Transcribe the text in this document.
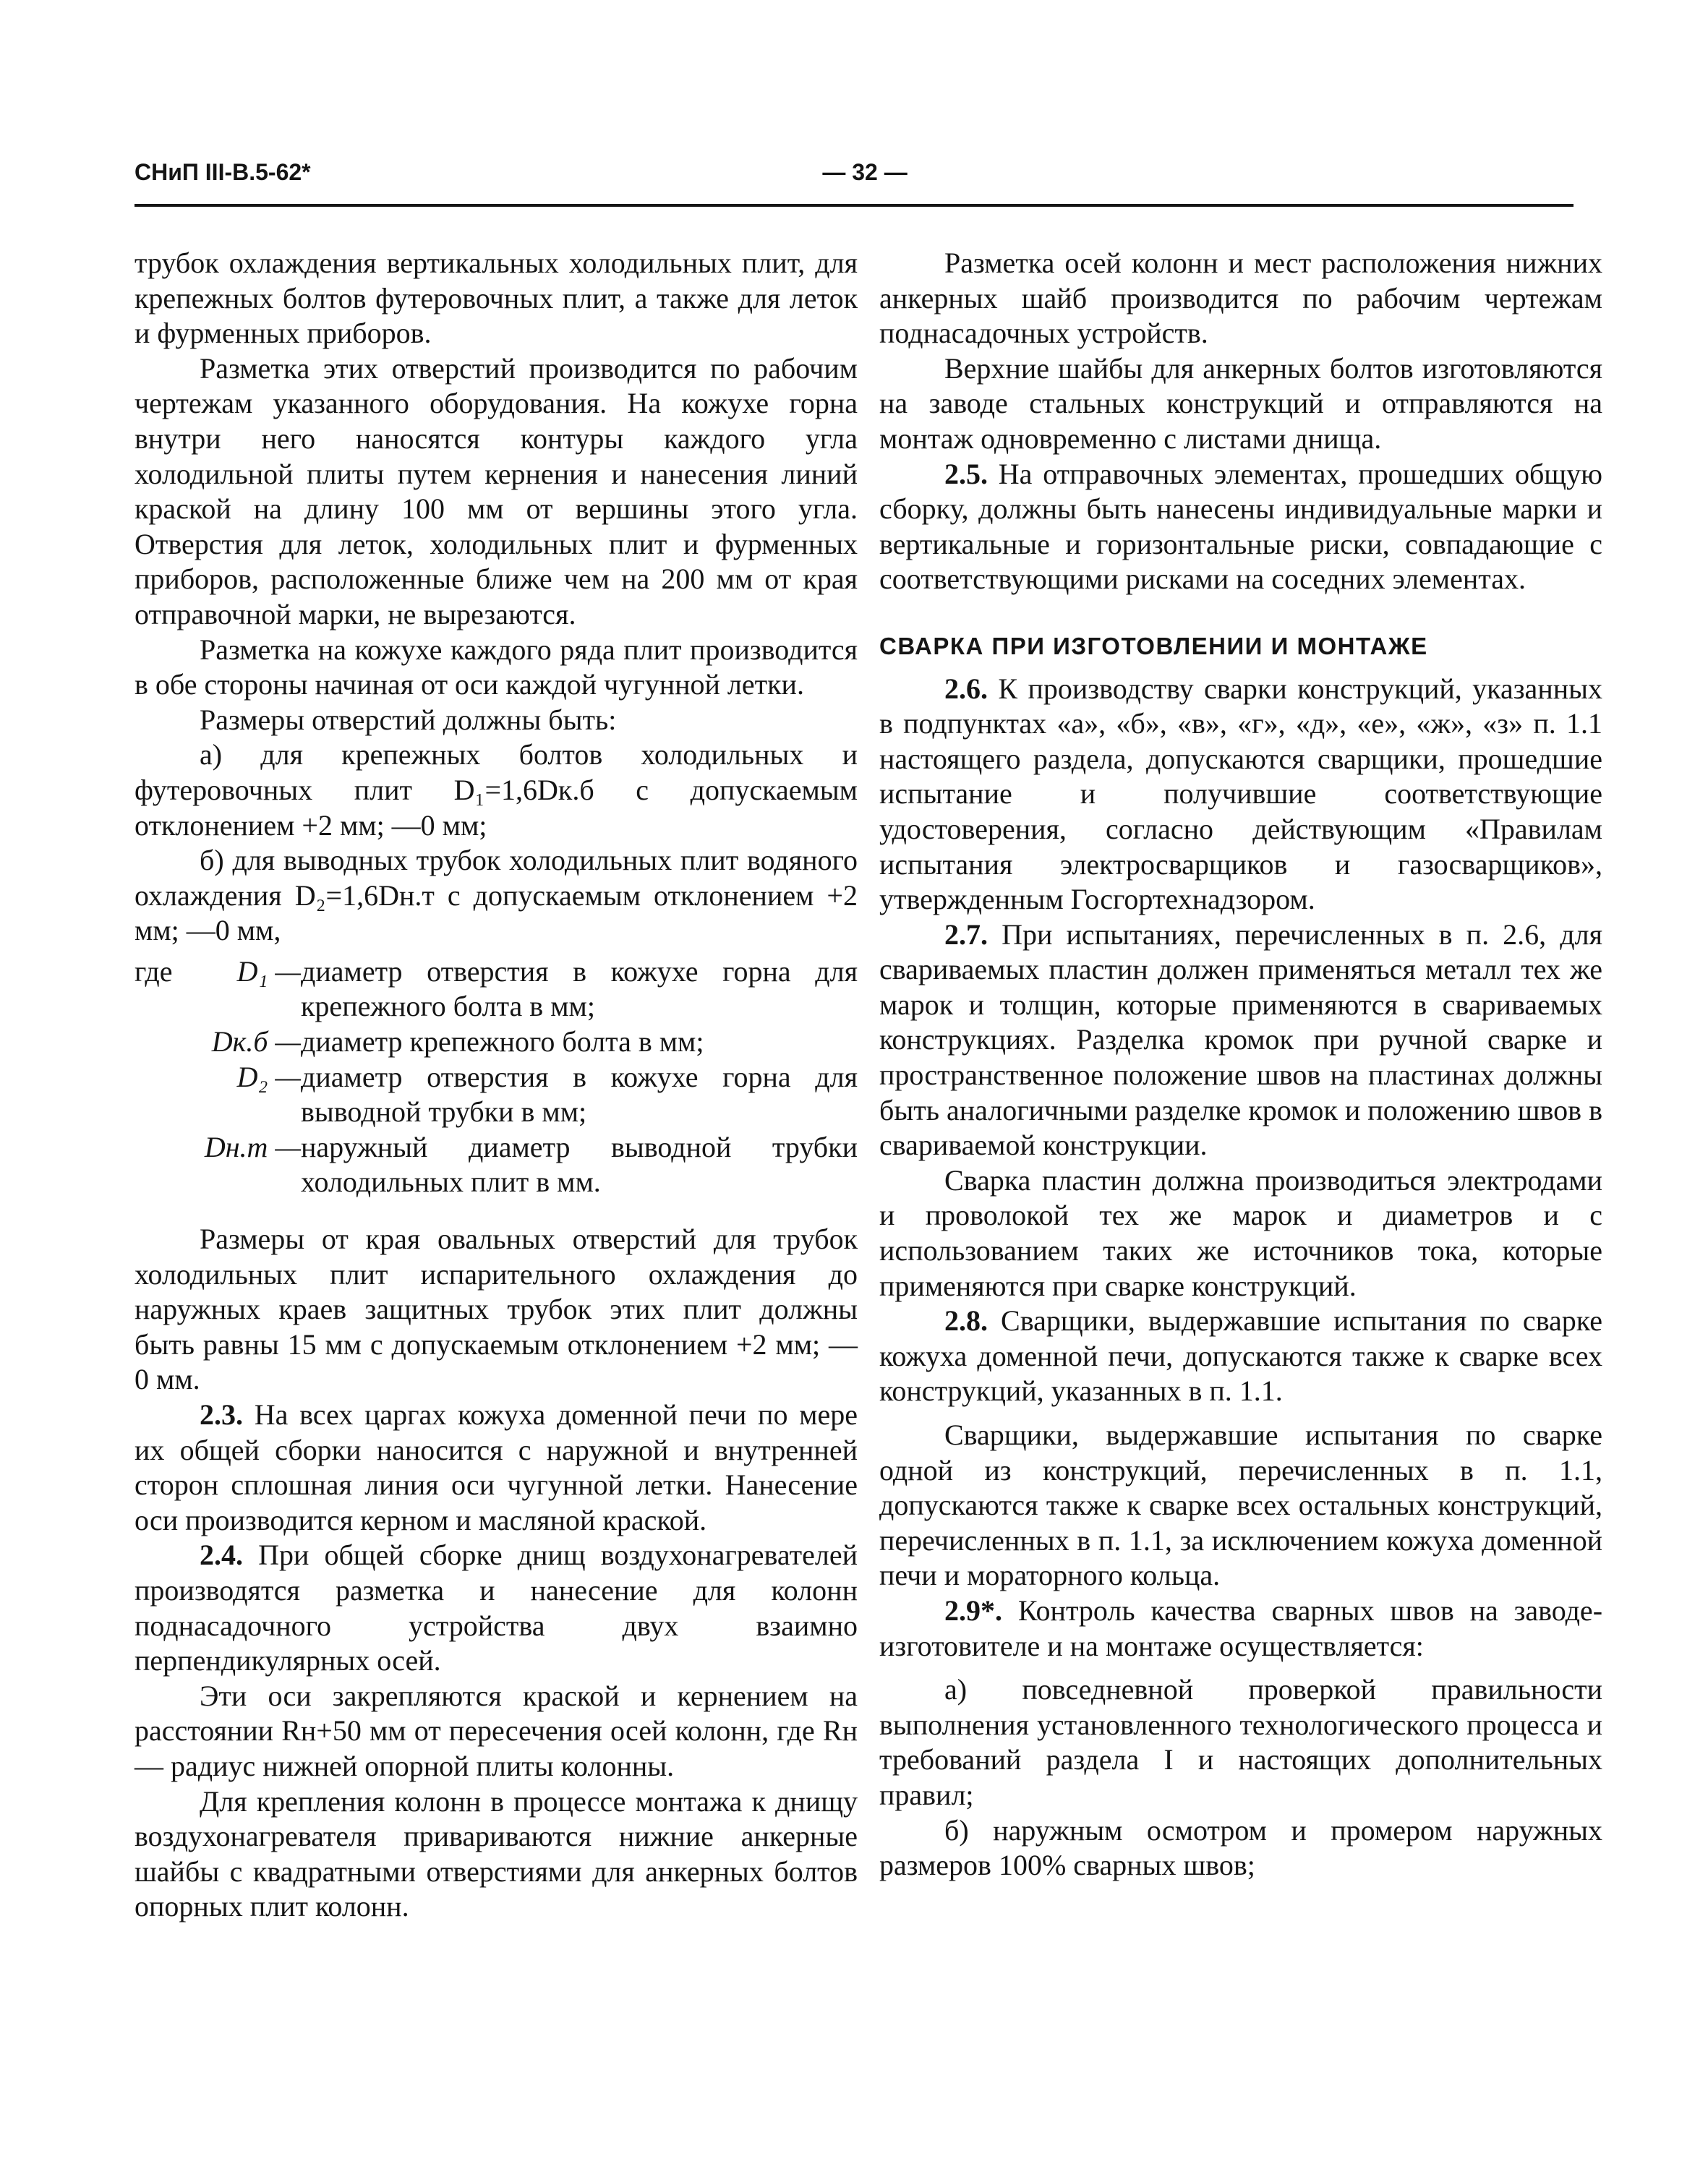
СНиП III-В.5-62*	— 32 —

трубок охлаждения вертикальных холодильных плит, для крепежных болтов футеровочных плит, а также для леток и фурменных приборов.

Разметка этих отверстий производится по рабочим чертежам указанного оборудования. На кожухе горна внутри него наносятся контуры каждого угла холодильной плиты путем кернения и нанесения линий краской на длину 100 мм от вершины этого угла. Отверстия для леток, холодильных плит и фурменных приборов, расположенные ближе чем на 200 мм от края отправочной марки, не вырезаются.

Разметка на кожухе каждого ряда плит производится в обе стороны начиная от оси каждой чугунной летки.

Размеры отверстий должны быть:

а) для крепежных болтов холодильных и футеровочных плит D₁=1,6Dк.б с допускаемым отклонением +2 мм; —0 мм;

б) для выводных трубок холодильных плит водяного охлаждения D₂=1,6Dн.т с допускаемым отклонением +2 мм; —0 мм,

где	D₁ — диаметр отверстия в кожухе горна для крепежного болта в мм;
Dк.б — диаметр крепежного болта в мм;
D₂ — диаметр отверстия в кожухе горна для выводной трубки в мм;
Dн.т — наружный диаметр выводной трубки холодильных плит в мм.

Размеры от края овальных отверстий для трубок холодильных плит испарительного охлаждения до наружных краев защитных трубок этих плит должны быть равны 15 мм с допускаемым отклонением +2 мм; —0 мм.

2.3. На всех царгах кожуха доменной печи по мере их общей сборки наносится с наружной и внутренней сторон сплошная линия оси чугунной летки. Нанесение оси производится керном и масляной краской.

2.4. При общей сборке днищ воздухонагревателей производятся разметка и нанесение для колонн поднасадочного устройства двух взаимно перпендикулярных осей.

Эти оси закрепляются краской и кернением на расстоянии Rн+50 мм от пересечения осей колонн, где Rн — радиус нижней опорной плиты колонны.

Для крепления колонн в процессе монтажа к днищу воздухонагревателя привариваются нижние анкерные шайбы с квадратными отверстиями для анкерных болтов опорных плит колонн.

Разметка осей колонн и мест расположения нижних анкерных шайб производится по рабочим чертежам поднасадочных устройств.

Верхние шайбы для анкерных болтов изготовляются на заводе стальных конструкций и отправляются на монтаж одновременно с листами днища.

2.5. На отправочных элементах, прошедших общую сборку, должны быть нанесены индивидуальные марки и вертикальные и горизонтальные риски, совпадающие с соответствующими рисками на соседних элементах.

СВАРКА ПРИ ИЗГОТОВЛЕНИИ И МОНТАЖЕ

2.6. К производству сварки конструкций, указанных в подпунктах «а», «б», «в», «г», «д», «е», «ж», «з» п. 1.1 настоящего раздела, допускаются сварщики, прошедшие испытание и получившие соответствующие удостоверения, согласно действующим «Правилам испытания электросварщиков и газосварщиков», утвержденным Госгортехнадзором.

2.7. При испытаниях, перечисленных в п. 2.6, для свариваемых пластин должен применяться металл тех же марок и толщин, которые применяются в свариваемых конструкциях. Разделка кромок при ручной сварке и пространственное положение швов на пластинах должны быть аналогичными разделке кромок и положению швов в свариваемой конструкции.

Сварка пластин должна производиться электродами и проволокой тех же марок и диаметров и с использованием таких же источников тока, которые применяются при сварке конструкций.

2.8. Сварщики, выдержавшие испытания по сварке кожуха доменной печи, допускаются также к сварке всех конструкций, указанных в п. 1.1.

Сварщики, выдержавшие испытания по сварке одной из конструкций, перечисленных в п. 1.1, допускаются также к сварке всех остальных конструкций, перечисленных в п. 1.1, за исключением кожуха доменной печи и мораторного кольца.

2.9*. Контроль качества сварных швов на заводе-изготовителе и на монтаже осуществляется:

а) повседневной проверкой правильности выполнения установленного технологического процесса и требований раздела I и настоящих дополнительных правил;

б) наружным осмотром и промером наружных размеров 100% сварных швов;
